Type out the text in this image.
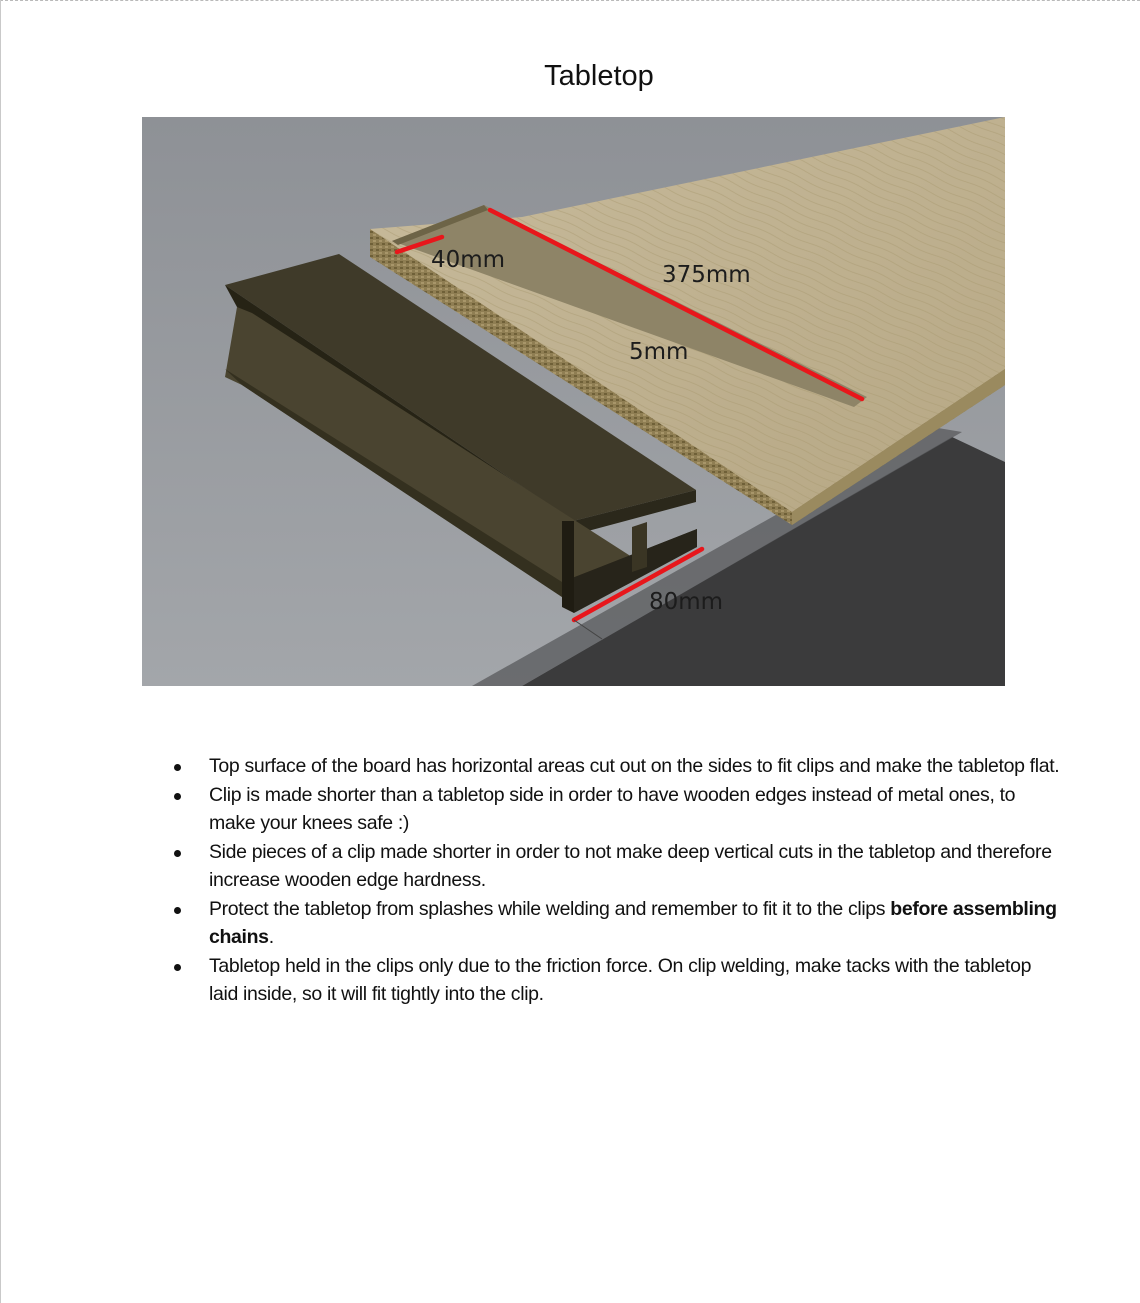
Tabletop
40mm
375mm
5mm
80mm
Top surface of the board has horizontal areas cut out on the sides to fit clips and make the tabletop flat.
Clip is made shorter than a tabletop side in order to have wooden edges instead of metal ones, to make your knees safe :)
Side pieces of a clip made shorter in order to not make deep vertical cuts in the tabletop and therefore increase wooden edge hardness.
Protect the tabletop from splashes while welding and remember to fit it to the clips before assembling chains.
Tabletop held in the clips only due to the friction force. On clip welding, make tacks with the tabletop laid inside, so it will fit tightly into the clip.
